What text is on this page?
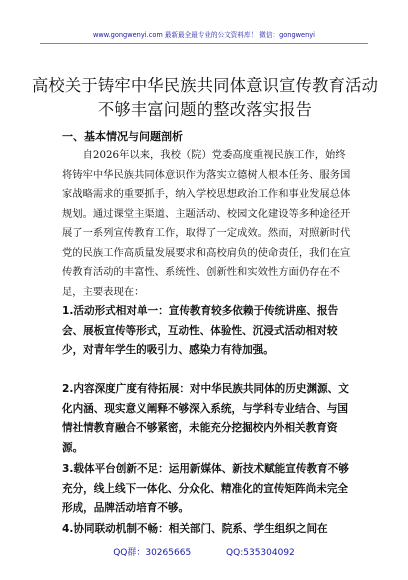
www.gongwenyi.com 最新最全最专业的公文资料库！ 微信：gongwenyi
高校关于铸牢中华民族共同体意识宣传教育活动不够丰富问题的整改落实报告
一、基本情况与问题剖析
自2026年以来，我校（院）党委高度重视民族工作，始终将铸牢中华民族共同体意识作为落实立德树人根本任务、服务国家战略需求的重要抓手，纳入学校思想政治工作和事业发展总体规划。通过课堂主渠道、主题活动、校园文化建设等多种途径开展了一系列宣传教育工作，取得了一定成效。然而，对照新时代党的民族工作高质量发展要求和高校肩负的使命责任，我们在宣传教育活动的丰富性、系统性、创新性和实效性方面仍存在不足，主要表现在：
1.活动形式相对单一：宣传教育较多依赖于传统讲座、报告会、展板宣传等形式，互动性、体验性、沉浸式活动相对较少，对青年学生的吸引力、感染力有待加强。
2.内容深度广度有待拓展：对中华民族共同体的历史渊源、文化内涵、现实意义阐释不够深入系统，与学科专业结合、与国情社情教育融合不够紧密，未能充分挖掘校内外相关教育资源。
3.载体平台创新不足：运用新媒体、新技术赋能宣传教育不够充分，线上线下一体化、分众化、精准化的宣传矩阵尚未完全形成，品牌活动培育不够。
4.协同联动机制不畅：相关部门、院系、学生组织之间在
QQ群：30265665	QQ:535304092
